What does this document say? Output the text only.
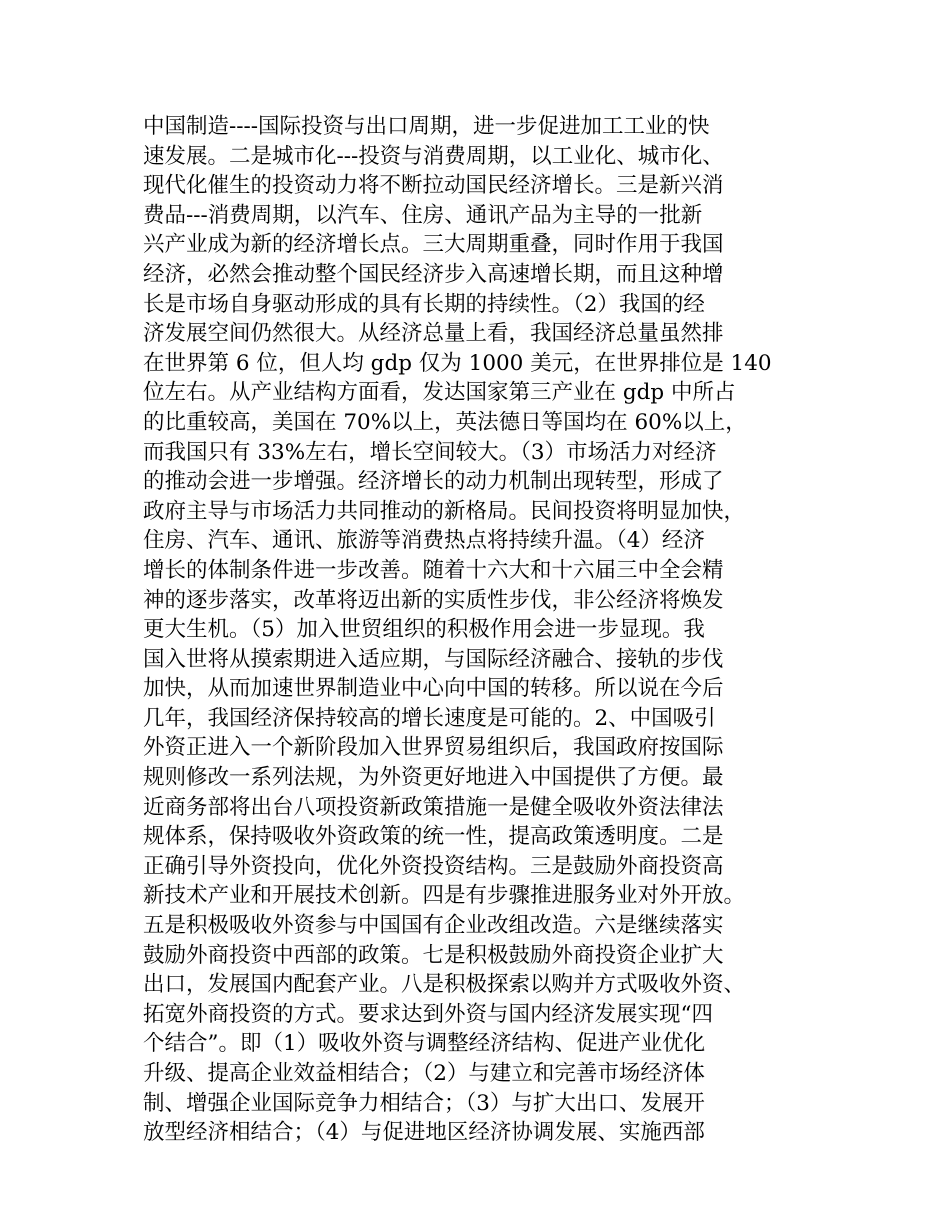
中国制造----国际投资与出口周期，进一步促进加工工业的快
速发展。二是城市化---投资与消费周期，以工业化、城市化、
现代化催生的投资动力将不断拉动国民经济增长。三是新兴消
费品---消费周期，以汽车、住房、通讯产品为主导的一批新
兴产业成为新的经济增长点。三大周期重叠，同时作用于我国
经济，必然会推动整个国民经济步入高速增长期，而且这种增
长是市场自身驱动形成的具有长期的持续性。（2）我国的经
济发展空间仍然很大。从经济总量上看，我国经济总量虽然排
在世界第 6 位，但人均 gdp 仅为 1000 美元，在世界排位是 140
位左右。从产业结构方面看，发达国家第三产业在 gdp 中所占
的比重较高，美国在 70%以上，英法德日等国均在 60%以上，
而我国只有 33%左右，增长空间较大。（3）市场活力对经济
的推动会进一步增强。经济增长的动力机制出现转型，形成了
政府主导与市场活力共同推动的新格局。民间投资将明显加快，
住房、汽车、通讯、旅游等消费热点将持续升温。（4）经济
增长的体制条件进一步改善。随着十六大和十六届三中全会精
神的逐步落实，改革将迈出新的实质性步伐，非公经济将焕发
更大生机。（5）加入世贸组织的积极作用会进一步显现。我
国入世将从摸索期进入适应期，与国际经济融合、接轨的步伐
加快，从而加速世界制造业中心向中国的转移。所以说在今后
几年，我国经济保持较高的增长速度是可能的。2、中国吸引
外资正进入一个新阶段加入世界贸易组织后，我国政府按国际
规则修改一系列法规，为外资更好地进入中国提供了方便。最
近商务部将出台八项投资新政策措施一是健全吸收外资法律法
规体系，保持吸收外资政策的统一性，提高政策透明度。二是
正确引导外资投向，优化外资投资结构。三是鼓励外商投资高
新技术产业和开展技术创新。四是有步骤推进服务业对外开放。
五是积极吸收外资参与中国国有企业改组改造。六是继续落实
鼓励外商投资中西部的政策。七是积极鼓励外商投资企业扩大
出口，发展国内配套产业。八是积极探索以购并方式吸收外资、
拓宽外商投资的方式。要求达到外资与国内经济发展实现“四
个结合”。即（1）吸收外资与调整经济结构、促进产业优化
升级、提高企业效益相结合；（2）与建立和完善市场经济体
制、增强企业国际竞争力相结合；（3）与扩大出口、发展开
放型经济相结合；（4）与促进地区经济协调发展、实施西部
